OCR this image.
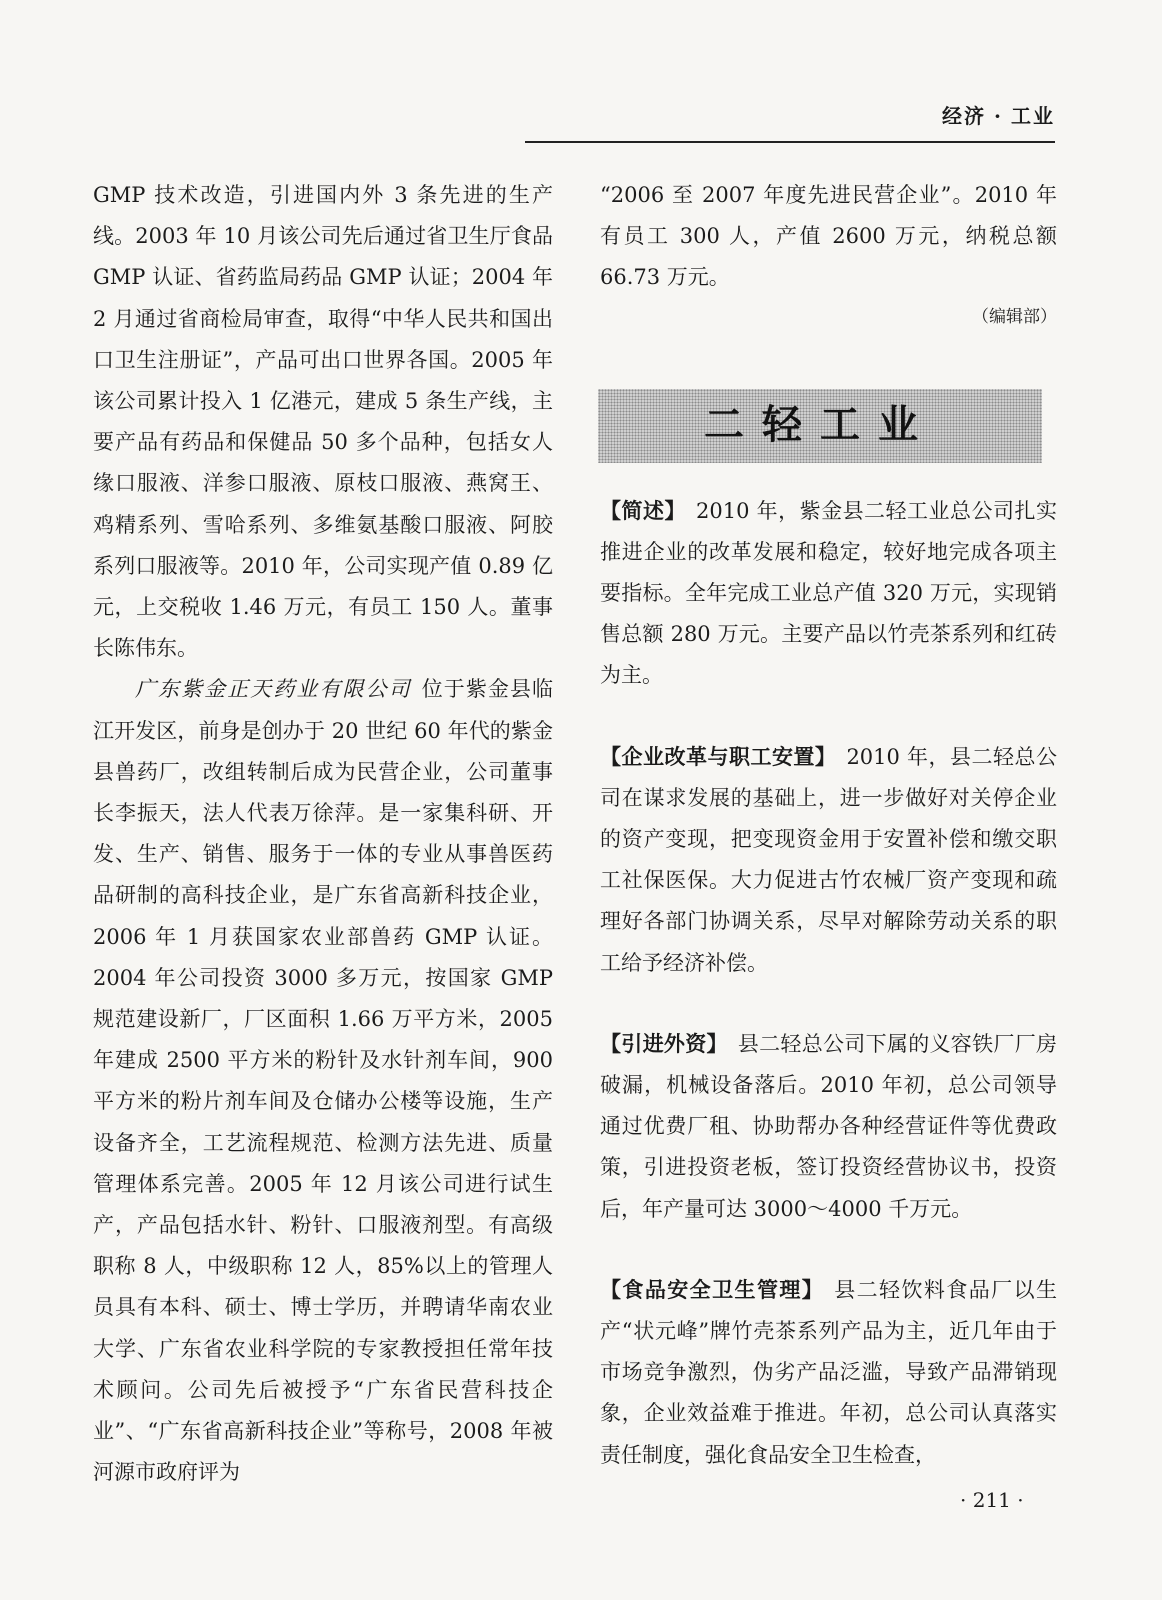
经济 · 工业

GMP 技术改造，引进国内外 3 条先进的生产线。2003 年 10 月该公司先后通过省卫生厅食品 GMP 认证、省药监局药品 GMP 认证；2004 年 2 月通过省商检局审查，取得“中华人民共和国出口卫生注册证”，产品可出口世界各国。2005 年该公司累计投入 1 亿港元，建成 5 条生产线，主要产品有药品和保健品 50 多个品种，包括女人缘口服液、洋参口服液、原枝口服液、燕窝王、鸡精系列、雪哈系列、多维氨基酸口服液、阿胶系列口服液等。2010 年，公司实现产值 0.89 亿元，上交税收 1.46 万元，有员工 150 人。董事长陈伟东。

广东紫金正天药业有限公司 位于紫金县临江开发区，前身是创办于 20 世纪 60 年代的紫金县兽药厂，改组转制后成为民营企业，公司董事长李振天，法人代表万徐萍。是一家集科研、开发、生产、销售、服务于一体的专业从事兽医药品研制的高科技企业，是广东省高新科技企业，2006 年 1 月获国家农业部兽药 GMP 认证。2004 年公司投资 3000 多万元，按国家 GMP 规范建设新厂，厂区面积 1.66 万平方米，2005 年建成 2500 平方米的粉针及水针剂车间，900 平方米的粉片剂车间及仓储办公楼等设施，生产设备齐全，工艺流程规范、检测方法先进、质量管理体系完善。2005 年 12 月该公司进行试生产，产品包括水针、粉针、口服液剂型。有高级职称 8 人，中级职称 12 人，85%以上的管理人员具有本科、硕士、博士学历，并聘请华南农业大学、广东省农业科学院的专家教授担任常年技术顾问。公司先后被授予“广东省民营科技企业”、“广东省高新科技企业”等称号，2008 年被河源市政府评为

“2006 至 2007 年度先进民营企业”。2010 年有员工 300 人，产值 2600 万元，纳税总额66.73 万元。

（编辑部）
二轻工业

【简述】 2010 年，紫金县二轻工业总公司扎实推进企业的改革发展和稳定，较好地完成各项主要指标。全年完成工业总产值 320 万元，实现销售总额 280 万元。主要产品以竹壳茶系列和红砖为主。

【企业改革与职工安置】 2010 年，县二轻总公司在谋求发展的基础上，进一步做好对关停企业的资产变现，把变现资金用于安置补偿和缴交职工社保医保。大力促进古竹农械厂资产变现和疏理好各部门协调关系，尽早对解除劳动关系的职工给予经济补偿。

【引进外资】 县二轻总公司下属的义容铁厂厂房破漏，机械设备落后。2010 年初，总公司领导通过优费厂租、协助帮办各种经营证件等优费政策，引进投资老板，签订投资经营协议书，投资后，年产量可达 3000～4000 千万元。

【食品安全卫生管理】 县二轻饮料食品厂以生产“状元峰”牌竹壳茶系列产品为主，近几年由于市场竞争激烈，伪劣产品泛滥，导致产品滞销现象，企业效益难于推进。年初，总公司认真落实责任制度，强化食品安全卫生检查，

· 211 ·
